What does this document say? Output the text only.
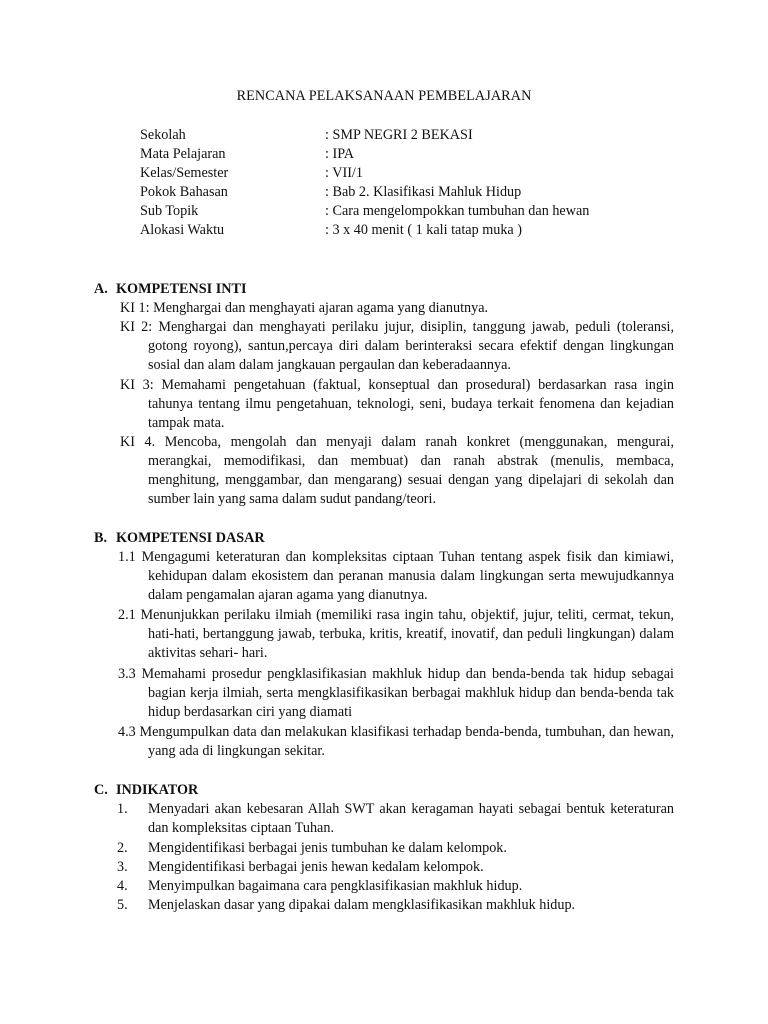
RENCANA PELAKSANAAN PEMBELAJARAN
Sekolah	: SMP NEGRI 2 BEKASI
Mata Pelajaran	: IPA
Kelas/Semester	: VII/1
Pokok Bahasan	: Bab 2. Klasifikasi Mahluk Hidup
Sub Topik	: Cara mengelompokkan tumbuhan dan hewan
Alokasi Waktu	: 3 x 40 menit ( 1 kali tatap muka )
A. KOMPETENSI INTI
KI 1: Menghargai dan menghayati ajaran agama yang dianutnya.
KI 2: Menghargai dan menghayati perilaku jujur, disiplin, tanggung jawab, peduli (toleransi, gotong royong), santun,percaya diri dalam berinteraksi secara efektif dengan lingkungan sosial dan alam dalam jangkauan pergaulan dan keberadaannya.
KI 3: Memahami pengetahuan (faktual, konseptual dan prosedural) berdasarkan rasa ingin tahunya tentang ilmu pengetahuan, teknologi, seni, budaya terkait fenomena dan kejadian tampak mata.
KI 4. Mencoba, mengolah dan menyaji dalam ranah konkret (menggunakan, mengurai, merangkai, memodifikasi, dan membuat) dan ranah abstrak (menulis, membaca, menghitung, menggambar, dan mengarang) sesuai dengan yang dipelajari di sekolah dan sumber lain yang sama dalam sudut pandang/teori.
B. KOMPETENSI DASAR
1.1 Mengagumi keteraturan dan kompleksitas ciptaan Tuhan tentang aspek fisik dan kimiawi, kehidupan dalam ekosistem dan peranan manusia dalam lingkungan serta mewujudkannya dalam pengamalan ajaran agama yang dianutnya.
2.1 Menunjukkan perilaku ilmiah (memiliki rasa ingin tahu, objektif, jujur, teliti, cermat, tekun, hati-hati, bertanggung jawab, terbuka, kritis, kreatif, inovatif, dan peduli lingkungan) dalam aktivitas sehari- hari.
3.3 Memahami prosedur pengklasifikasian makhluk hidup dan benda-benda tak hidup sebagai bagian kerja ilmiah, serta mengklasifikasikan berbagai makhluk hidup dan benda-benda tak hidup berdasarkan ciri yang diamati
4.3 Mengumpulkan data dan melakukan klasifikasi terhadap benda-benda, tumbuhan, dan hewan, yang ada di lingkungan sekitar.
C. INDIKATOR
1.	Menyadari akan kebesaran Allah SWT akan keragaman hayati sebagai bentuk keteraturan dan kompleksitas ciptaan Tuhan.
2.	Mengidentifikasi berbagai jenis tumbuhan ke dalam kelompok.
3.	Mengidentifikasi berbagai jenis hewan kedalam kelompok.
4.	Menyimpulkan bagaimana cara pengklasifikasian makhluk hidup.
5.	Menjelaskan dasar yang dipakai dalam mengklasifikasikan makhluk hidup.
